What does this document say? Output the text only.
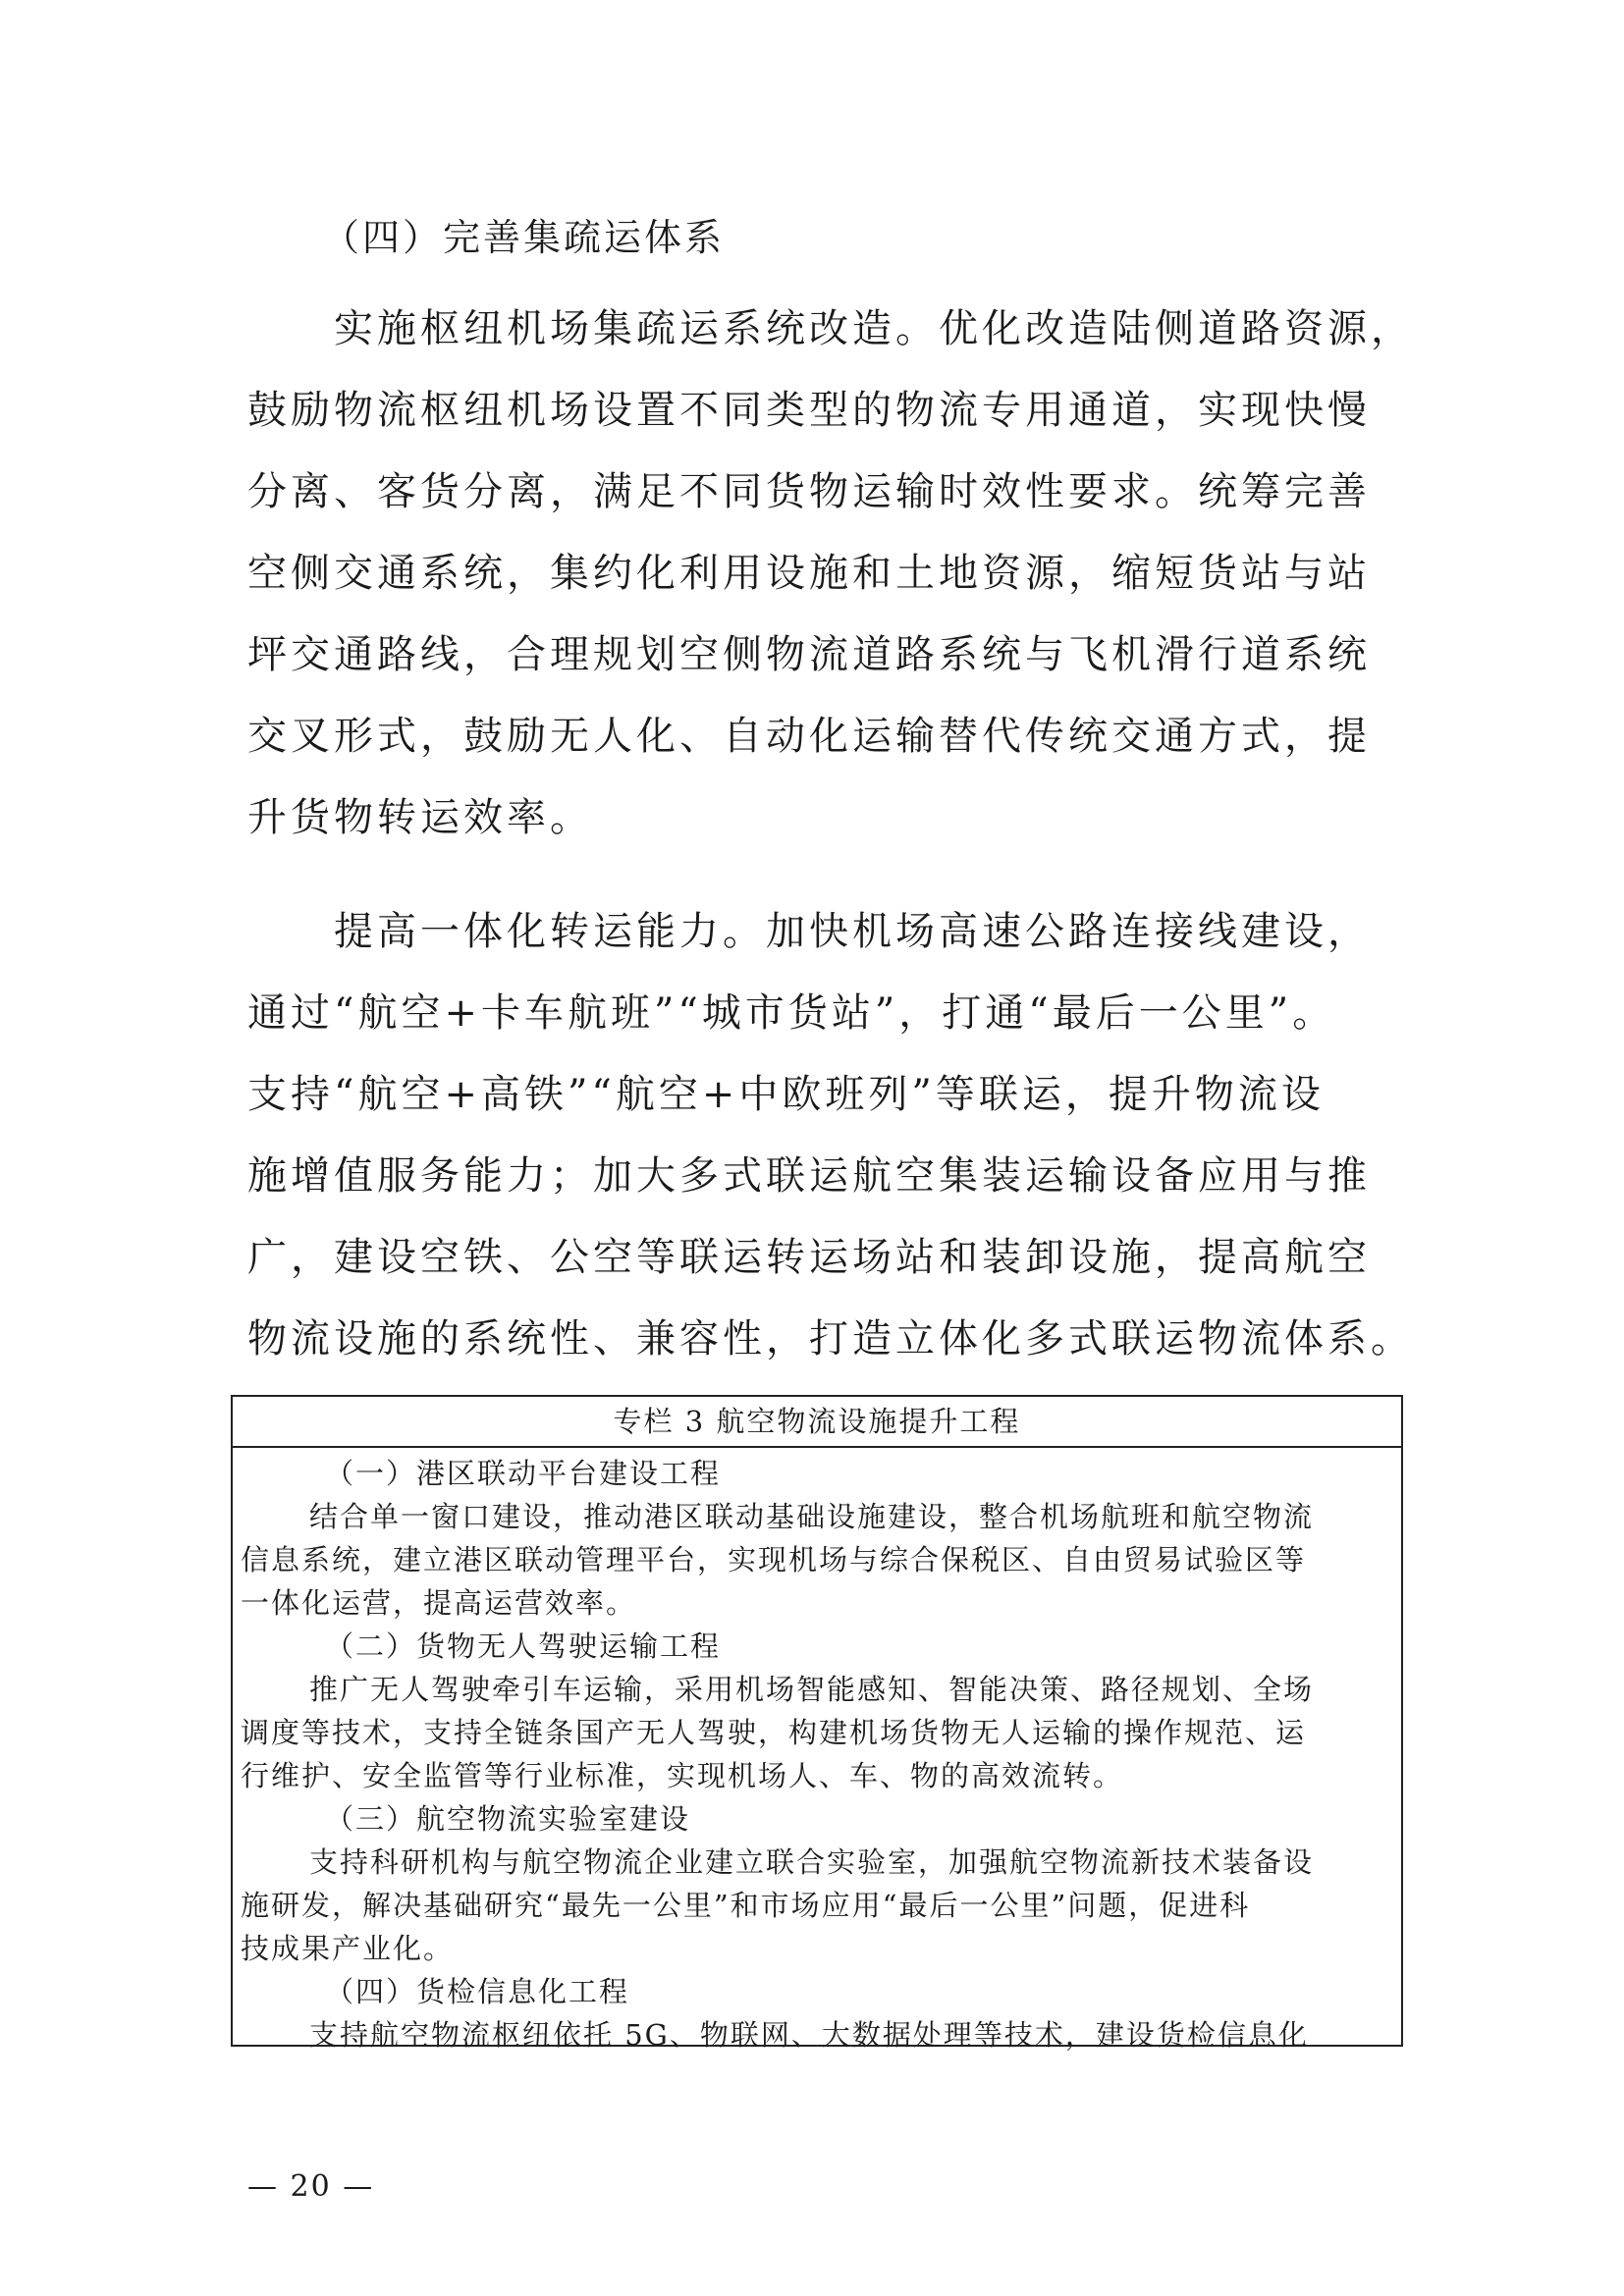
（四）完善集疏运体系
　　实施枢纽机场集疏运系统改造。优化改造陆侧道路资源，
鼓励物流枢纽机场设置不同类型的物流专用通道，实现快慢
分离、客货分离，满足不同货物运输时效性要求。统筹完善
空侧交通系统，集约化利用设施和土地资源，缩短货站与站
坪交通路线，合理规划空侧物流道路系统与飞机滑行道系统
交叉形式，鼓励无人化、自动化运输替代传统交通方式，提
升货物转运效率。
　　提高一体化转运能力。加快机场高速公路连接线建设，
通过“航空+卡车航班”“城市货站”，打通“最后一公里”。
支持“航空+高铁”“航空+中欧班列”等联运，提升物流设
施增值服务能力；加大多式联运航空集装运输设备应用与推
广，建设空铁、公空等联运转运场站和装卸设施，提高航空
物流设施的系统性、兼容性，打造立体化多式联运物流体系。
专栏 3 航空物流设施提升工程
（一）港区联动平台建设工程
结合单一窗口建设，推动港区联动基础设施建设，整合机场航班和航空物流
信息系统，建立港区联动管理平台，实现机场与综合保税区、自由贸易试验区等
一体化运营，提高运营效率。
（二）货物无人驾驶运输工程
推广无人驾驶牵引车运输，采用机场智能感知、智能决策、路径规划、全场
调度等技术，支持全链条国产无人驾驶，构建机场货物无人运输的操作规范、运
行维护、安全监管等行业标准，实现机场人、车、物的高效流转。
（三）航空物流实验室建设
支持科研机构与航空物流企业建立联合实验室，加强航空物流新技术装备设
施研发，解决基础研究“最先一公里”和市场应用“最后一公里”问题，促进科
技成果产业化。
（四）货检信息化工程
支持航空物流枢纽依托 5G、物联网、大数据处理等技术，建设货检信息化
— 20 —
